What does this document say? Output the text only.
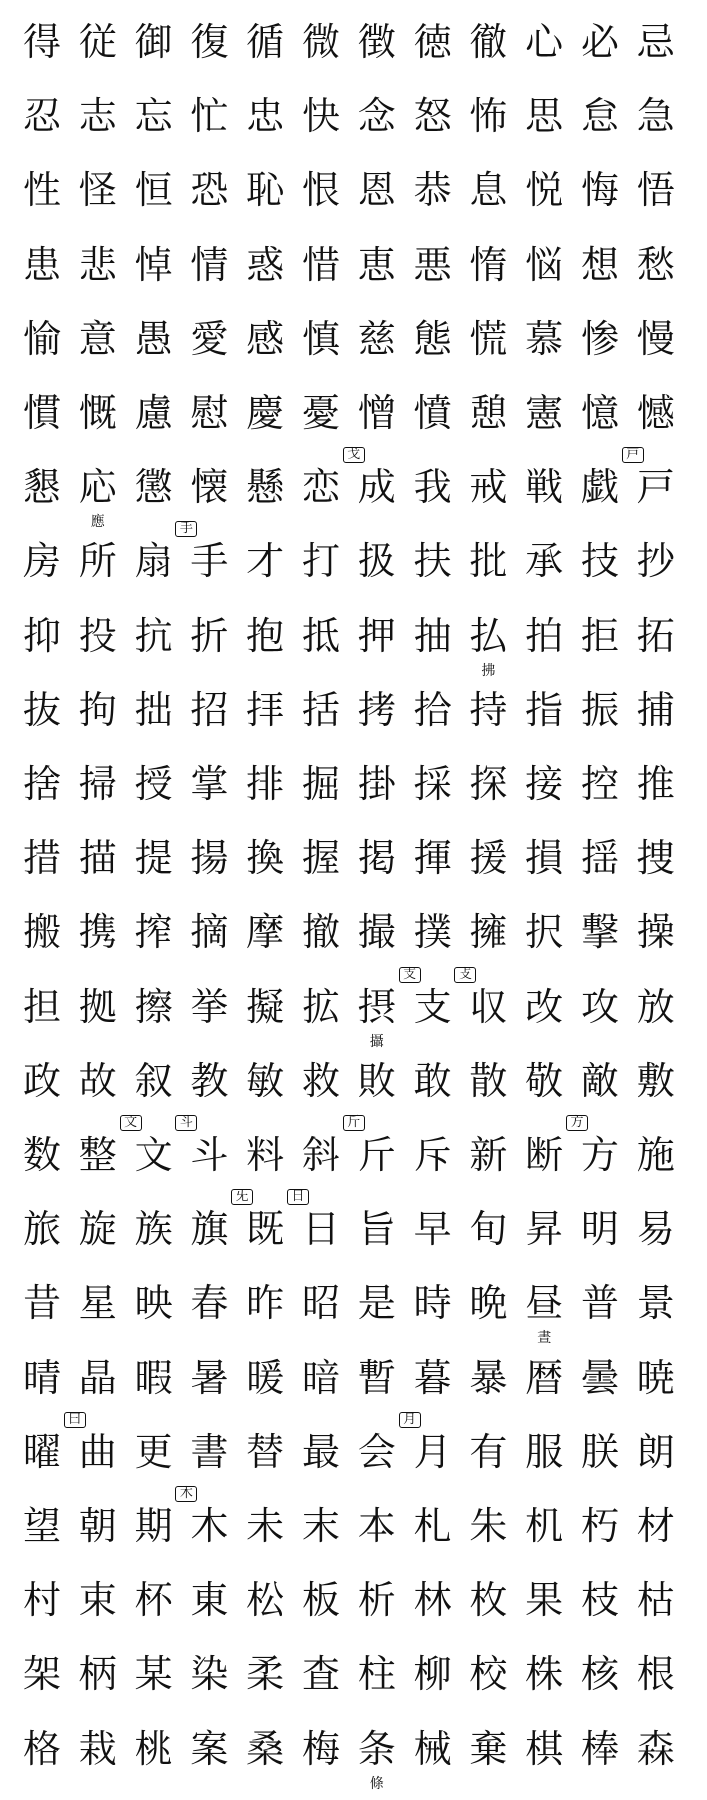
得 従 御 復 循 微 徴 徳 徹 心 必 忌
忍 志 忘 忙 忠 快 念 怒 怖 思 怠 急
性 怪 恒 恐 恥 恨 恩 恭 息 悦 悔 悟
患 悲 悼 情 惑 惜 恵 悪 惰 悩 想 愁
愉 意 愚 愛 感 慎 慈 態 慌 慕 惨 慢
慣 慨 慮 慰 慶 憂 憎 憤 憩 憲 憶 憾
懇 応
應
懲 懐 懸 恋 成
戈
我 戒 戦 戯 戸
戸
房 所 扇 手
手
才 打 扱 扶 批 承 技 抄
抑 投 抗 折 抱 抵 押 抽 払
拂
拍 拒 拓
抜 拘 拙 招 拝 括 拷 拾 持 指 振 捕
捨 掃 授 掌 排 掘 掛 採 探 接 控 推
措 描 提 揚 換 握 掲 揮 援 損 揺 捜
搬 携 搾 摘 摩 撤 撮 撲 擁 択 撃 操
担 拠 擦 挙 擬 拡 摂
攝
支
支
収
攴
改 攻 放
政 故 叙 教 敏 救 敗 敢 散 敬 敵 敷
数 整 文
文
斗
斗
料 斜 斤
斤
斥 新 断 方
方
施
旅 旋 族 旗 既
旡
日
日
旨 早 旬 昇 明 易
昔 星 映 春 昨 昭 是 時 晩 昼
晝
普 景
晴 晶 暇 暑 暖 暗 暫 暮 暴 暦 曇 暁
曜 曲
曰
更 書 替 最 会 月
月
有 服 朕 朗
望 朝 期 木
木
未 末 本 札 朱 机 朽 材
村 束 杯 東 松 板 析 林 枚 果 枝 枯
架 柄 某 染 柔 査 柱 柳 校 株 核 根
格 栽 桃 案 桑 梅 条
條
械 棄 棋 棒 森
